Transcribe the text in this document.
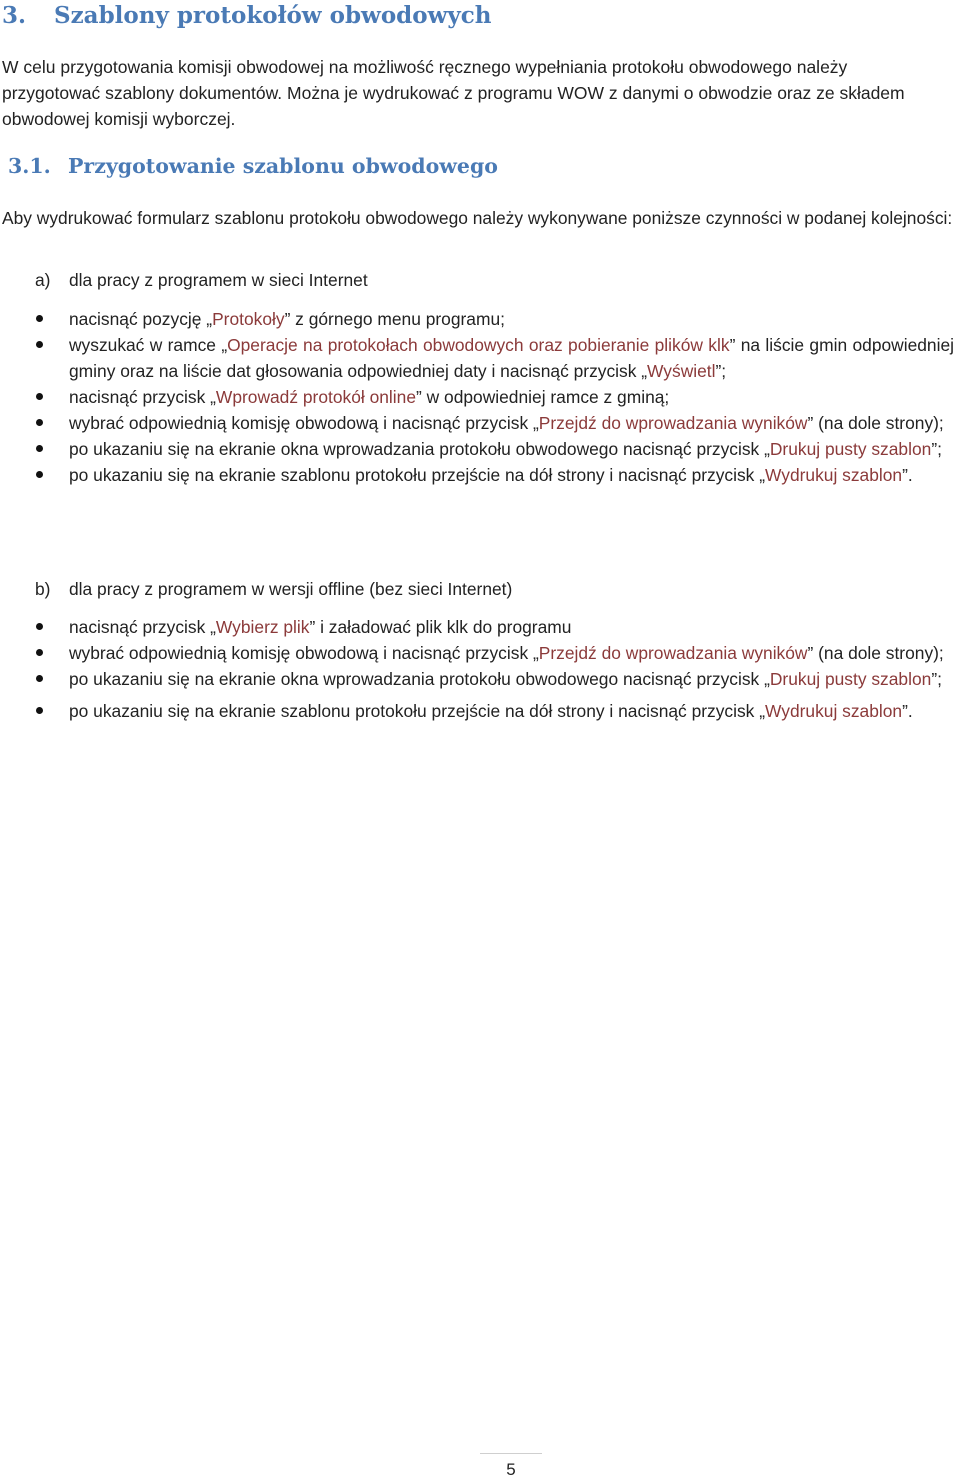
3. Szablony protokołów obwodowych

W celu przygotowania komisji obwodowej na możliwość ręcznego wypełniania protokołu obwodowego należy przygotować szablony dokumentów. Można je wydrukować z programu WOW z danymi o obwodzie oraz ze składem obwodowej komisji wyborczej.

3.1. Przygotowanie szablonu obwodowego

Aby wydrukować formularz szablonu protokołu obwodowego należy wykonywane poniższe czynności w podanej kolejności:

a) dla pracy z programem w sieci Internet
nacisnąć pozycję „Protokoły” z górnego menu programu;
wyszukać w ramce „Operacje na protokołach obwodowych oraz pobieranie plików klk” na liście gmin odpowiedniej gminy oraz na liście dat głosowania odpowiedniej daty i nacisnąć przycisk „Wyświetl”;
nacisnąć przycisk „Wprowadź protokół online” w odpowiedniej ramce z gminą;
wybrać odpowiednią komisję obwodową i nacisnąć przycisk „Przejdź do wprowadzania wyników” (na dole strony);
po ukazaniu się na ekranie okna wprowadzania protokołu obwodowego nacisnąć przycisk „Drukuj pusty szablon”;
po ukazaniu się na ekranie szablonu protokołu przejście na dół strony i nacisnąć przycisk „Wydrukuj szablon”.
b) dla pracy z programem w wersji offline (bez sieci Internet)
nacisnąć przycisk „Wybierz plik” i załadować plik klk do programu
wybrać odpowiednią komisję obwodową i nacisnąć przycisk „Przejdź do wprowadzania wyników” (na dole strony);
po ukazaniu się na ekranie okna wprowadzania protokołu obwodowego nacisnąć przycisk „Drukuj pusty szablon”;
po ukazaniu się na ekranie szablonu protokołu przejście na dół strony i nacisnąć przycisk „Wydrukuj szablon”.
5
